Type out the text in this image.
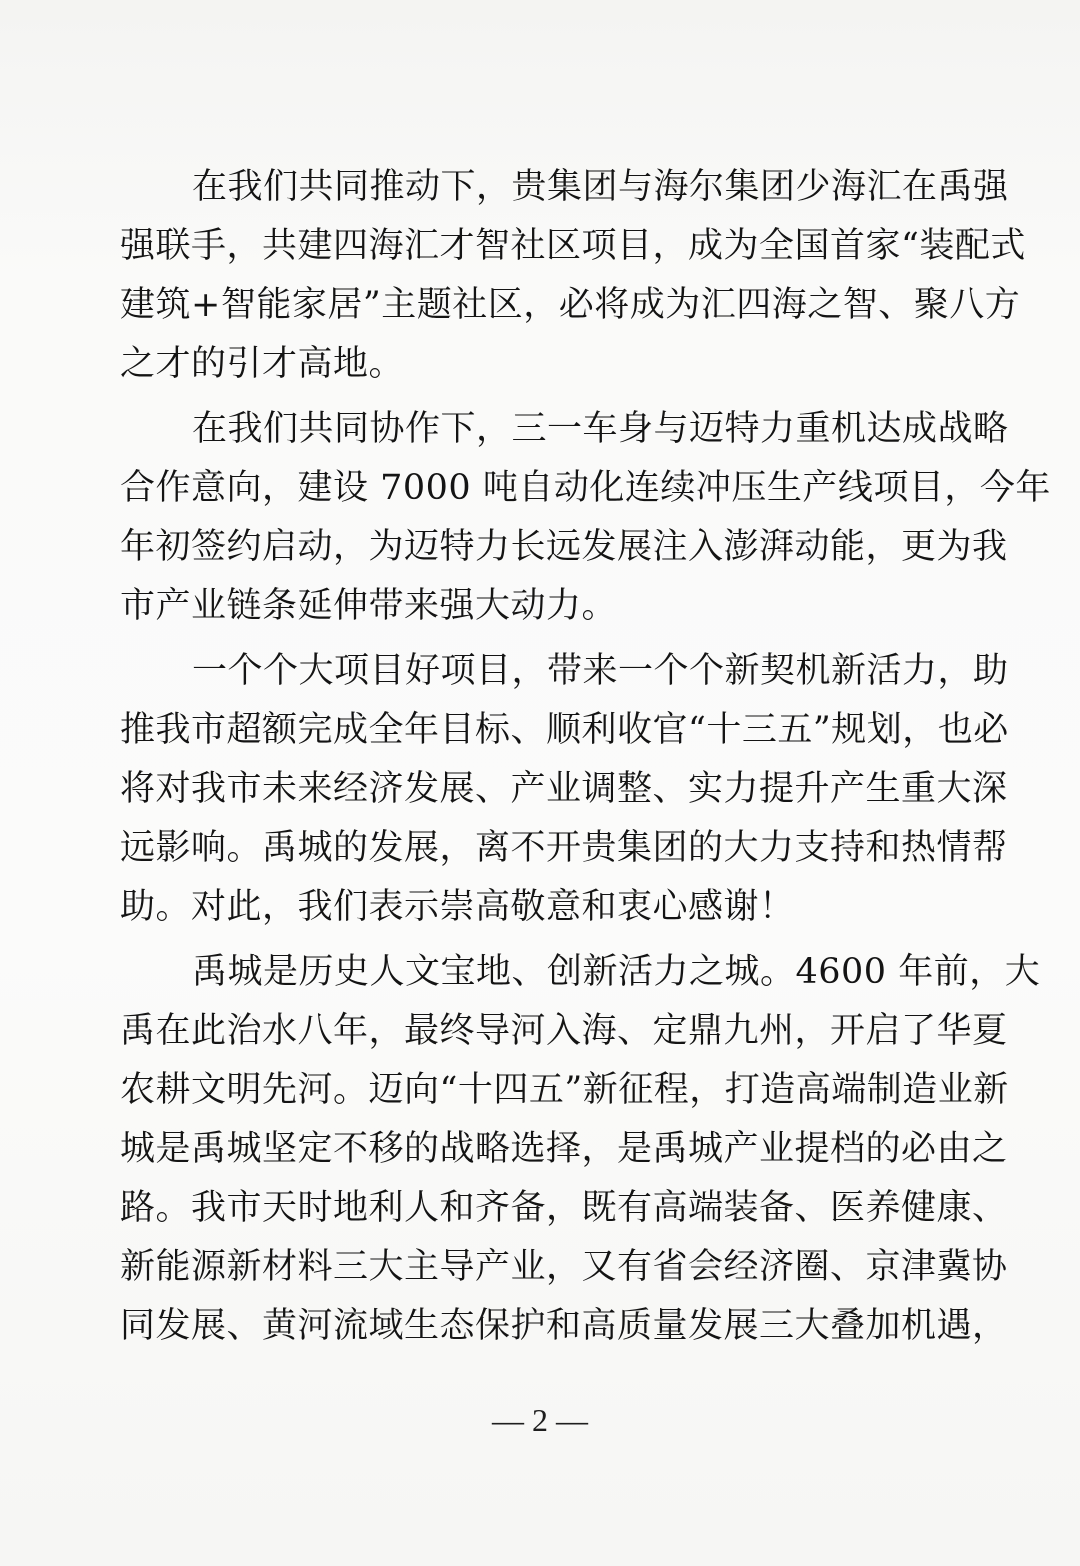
在我们共同推动下，贵集团与海尔集团少海汇在禹强
强联手，共建四海汇才智社区项目，成为全国首家“装配式
建筑+智能家居”主题社区，必将成为汇四海之智、聚八方
之才的引才高地。

在我们共同协作下，三一车身与迈特力重机达成战略
合作意向，建设 7000 吨自动化连续冲压生产线项目，今年
年初签约启动，为迈特力长远发展注入澎湃动能，更为我
市产业链条延伸带来强大动力。

一个个大项目好项目，带来一个个新契机新活力，助
推我市超额完成全年目标、顺利收官“十三五”规划，也必
将对我市未来经济发展、产业调整、实力提升产生重大深
远影响。禹城的发展，离不开贵集团的大力支持和热情帮
助。对此，我们表示崇高敬意和衷心感谢！

禹城是历史人文宝地、创新活力之城。4600 年前，大
禹在此治水八年，最终导河入海、定鼎九州，开启了华夏
农耕文明先河。迈向“十四五”新征程，打造高端制造业新
城是禹城坚定不移的战略选择，是禹城产业提档的必由之
路。我市天时地利人和齐备，既有高端装备、医养健康、
新能源新材料三大主导产业，又有省会经济圈、京津冀协
同发展、黄河流域生态保护和高质量发展三大叠加机遇，

— 2 —
